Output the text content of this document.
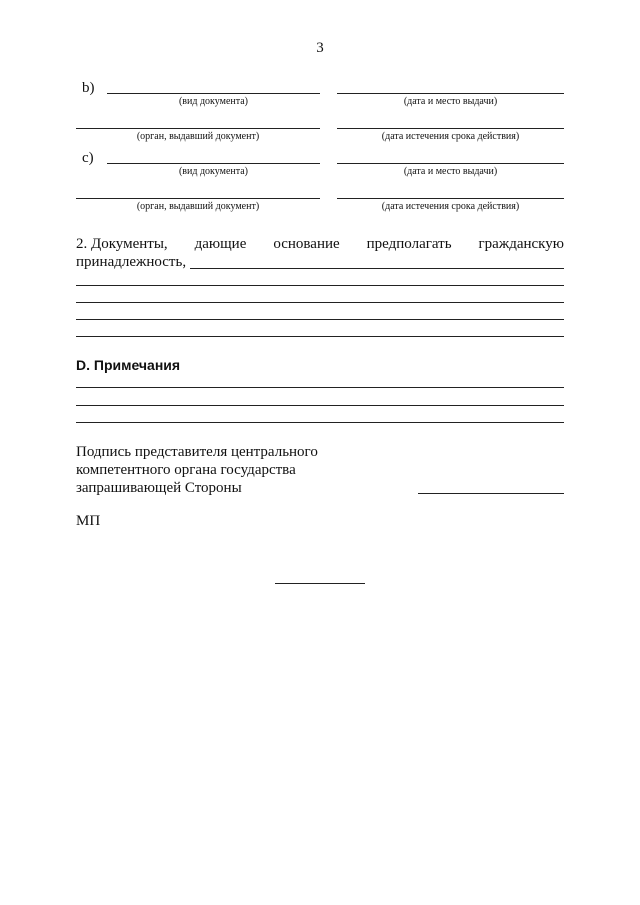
3
b)
(вид документа)	(дата и место выдачи)
(орган, выдавший документ)	(дата истечения срока действия)
c)
(вид документа)	(дата и место выдачи)
(орган, выдавший документ)	(дата истечения срока действия)
2. Документы, дающие основание предполагать гражданскую
принадлежность,
D. Примечания
Подпись представителя центрального
компетентного органа государства
запрашивающей Стороны
МП
